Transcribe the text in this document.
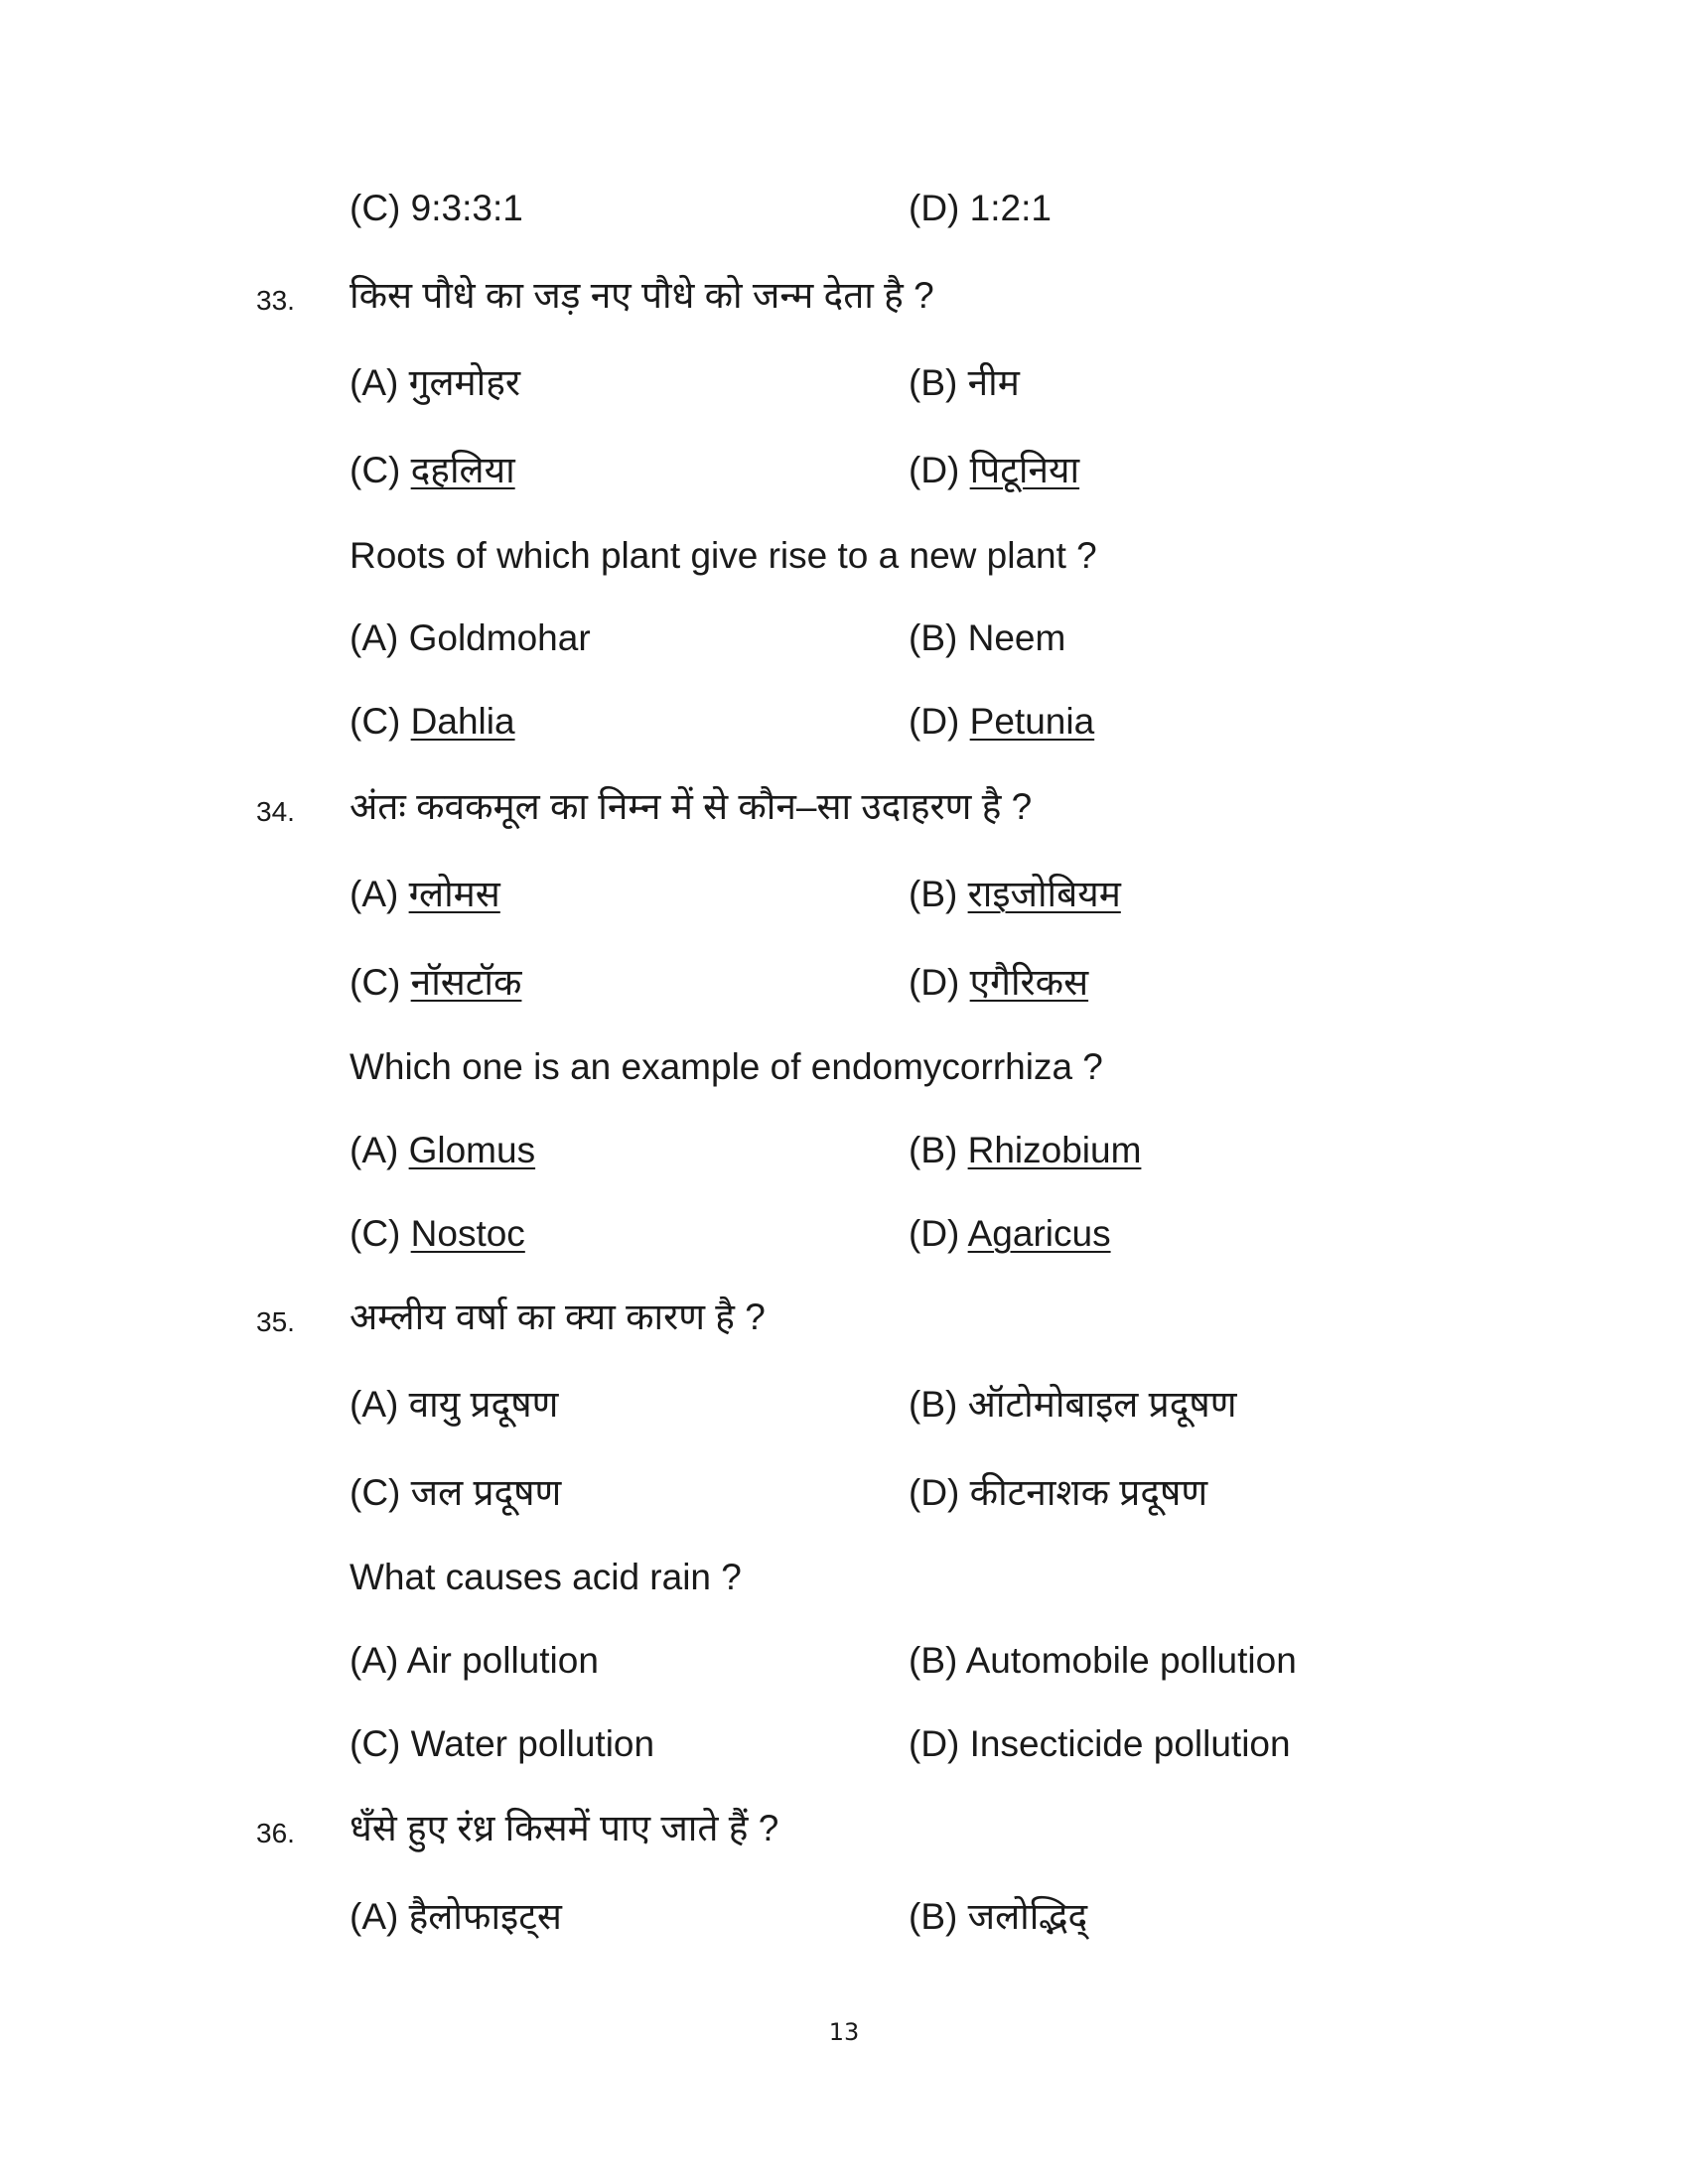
(C) 9:3:3:1	(D) 1:2:1
33. किस पौधे का जड़ नए पौधे को जन्म देता है ?
(A) गुलमोहर	(B) नीम
(C) दहलिया	(D) पिटूनिया
Roots of which plant give rise to a new plant ?
(A) Goldmohar	(B) Neem
(C) Dahlia	(D) Petunia
34. अंतः कवकमूल का निम्न में से कौन–सा उदाहरण है ?
(A) ग्लोमस	(B) राइजोबियम
(C) नॉसटॉक	(D) एगैरिकस
Which one is an example of endomycorrhiza ?
(A) Glomus	(B) Rhizobium
(C) Nostoc	(D) Agaricus
35. अम्लीय वर्षा का क्या कारण है ?
(A) वायु प्रदूषण	(B) ऑटोमोबाइल प्रदूषण
(C) जल प्रदूषण	(D) कीटनाशक प्रदूषण
What causes acid rain ?
(A) Air pollution	(B) Automobile pollution
(C) Water pollution	(D) Insecticide pollution
36. धँसे हुए रंध्र किसमें पाए जाते हैं ?
(A) हैलोफाइट्स	(B) जलोद्भिद्
13
